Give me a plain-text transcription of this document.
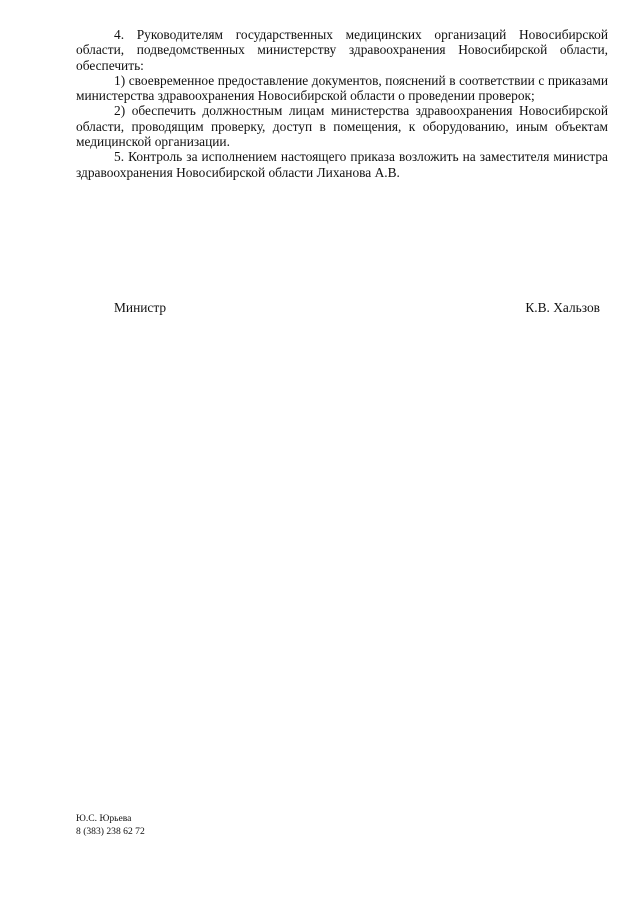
4. Руководителям государственных медицинских организаций Новосибирской области, подведомственных министерству здравоохранения Новосибирской области, обеспечить:

1) своевременное предоставление документов, пояснений в соответствии с приказами министерства здравоохранения Новосибирской области о проведении проверок;

2) обеспечить должностным лицам министерства здравоохранения Новосибирской области, проводящим проверку, доступ в помещения, к оборудованию, иным объектам медицинской организации.

5. Контроль за исполнением настоящего приказа возложить на заместителя министра здравоохранения Новосибирской области Лиханова А.В.

Министр	К.В. Хальзов
Ю.С. Юрьева
8 (383) 238 62 72
